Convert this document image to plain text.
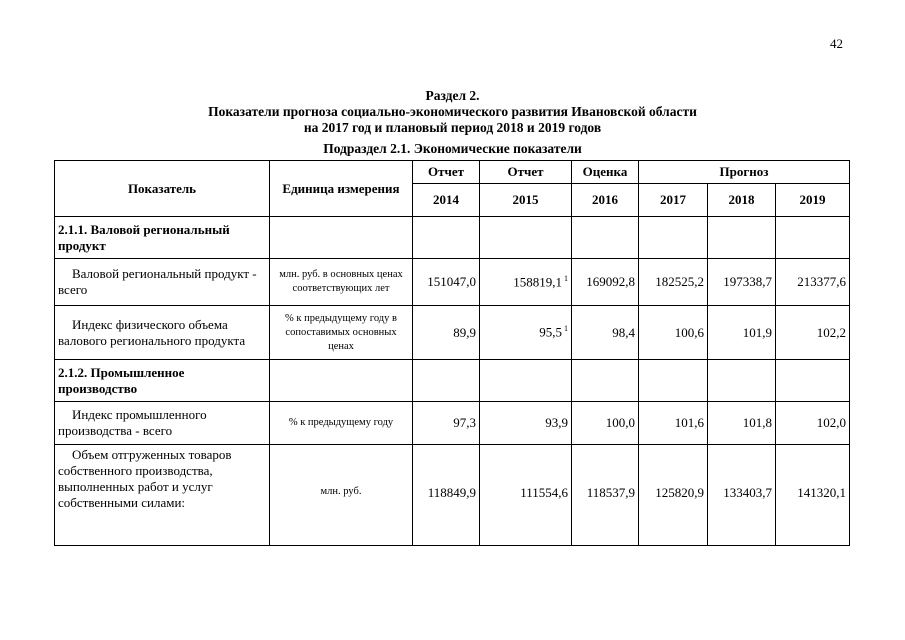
42
Раздел 2.
Показатели прогноза социально-экономического развития Ивановской области
на 2017 год и плановый период 2018 и 2019 годов
Подраздел 2.1. Экономические показатели
Показатель	Единица измерения	Отчет	Отчет	Оценка	Прогноз		
		2014	2015	2016	2017	2018	2019
2.1.1. Валовой региональный продукт							
Валовой региональный продукт - всего	млн. руб. в основных ценах соответствующих лет	151047,0	158819,1 $^1$	169092,8	182525,2	197338,7	213377,6
Индекс физического объема валового регионального продукта	% к предыдущему году в сопоставимых основных ценах	89,9	95,5 $^1$	98,4	100,6	101,9	102,2
2.1.2. Промышленное производство							
Индекс промышленного производства - всего	% к предыдущему году	97,3	93,9	100,0	101,6	101,8	102,0
Объем отгруженных товаров собственного производства, выполненных работ и услуг собственными силами:	млн. руб.	118849,9	111554,6	118537,9	125820,9	133403,7	141320,1
